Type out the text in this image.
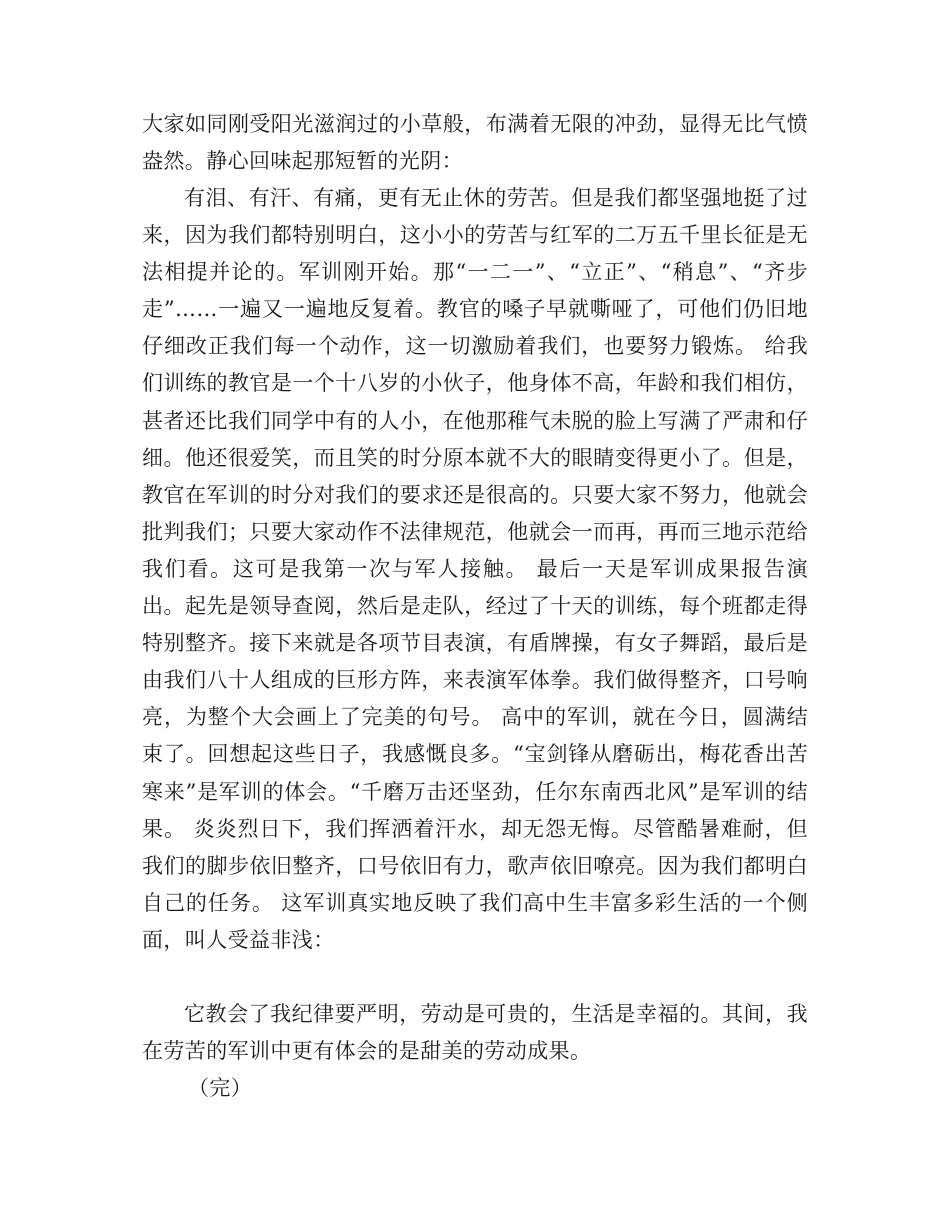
大家如同刚受阳光滋润过的小草般，布满着无限的冲劲，显得无比气愤盎然。静心回味起那短暂的光阴：

有泪、有汗、有痛，更有无止休的劳苦。但是我们都坚强地挺了过来，因为我们都特别明白，这小小的劳苦与红军的二万五千里长征是无法相提并论的。军训刚开始。那“一二一”、“立正”、“稍息”、“齐步走”……一遍又一遍地反复着。教官的嗓子早就嘶哑了，可他们仍旧地仔细改正我们每一个动作，这一切激励着我们，也要努力锻炼。 给我们训练的教官是一个十八岁的小伙子，他身体不高，年龄和我们相仿，甚者还比我们同学中有的人小，在他那稚气未脱的脸上写满了严肃和仔细。他还很爱笑，而且笑的时分原本就不大的眼睛变得更小了。但是，教官在军训的时分对我们的要求还是很高的。只要大家不努力，他就会批判我们；只要大家动作不法律规范，他就会一而再，再而三地示范给我们看。这可是我第一次与军人接触。 最后一天是军训成果报告演出。起先是领导查阅，然后是走队，经过了十天的训练，每个班都走得特别整齐。接下来就是各项节目表演，有盾牌操，有女子舞蹈，最后是由我们八十人组成的巨形方阵，来表演军体拳。我们做得整齐，口号响亮，为整个大会画上了完美的句号。 高中的军训，就在今日，圆满结束了。回想起这些日子，我感慨良多。“宝剑锋从磨砺出，梅花香出苦寒来”是军训的体会。“千磨万击还坚劲，任尔东南西北风”是军训的结果。 炎炎烈日下，我们挥洒着汗水，却无怨无悔。尽管酷暑难耐，但我们的脚步依旧整齐，口号依旧有力，歌声依旧嘹亮。因为我们都明白自己的任务。 这军训真实地反映了我们高中生丰富多彩生活的一个侧面，叫人受益非浅：

它教会了我纪律要严明，劳动是可贵的，生活是幸福的。其间，我在劳苦的军训中更有体会的是甜美的劳动成果。

（完）
